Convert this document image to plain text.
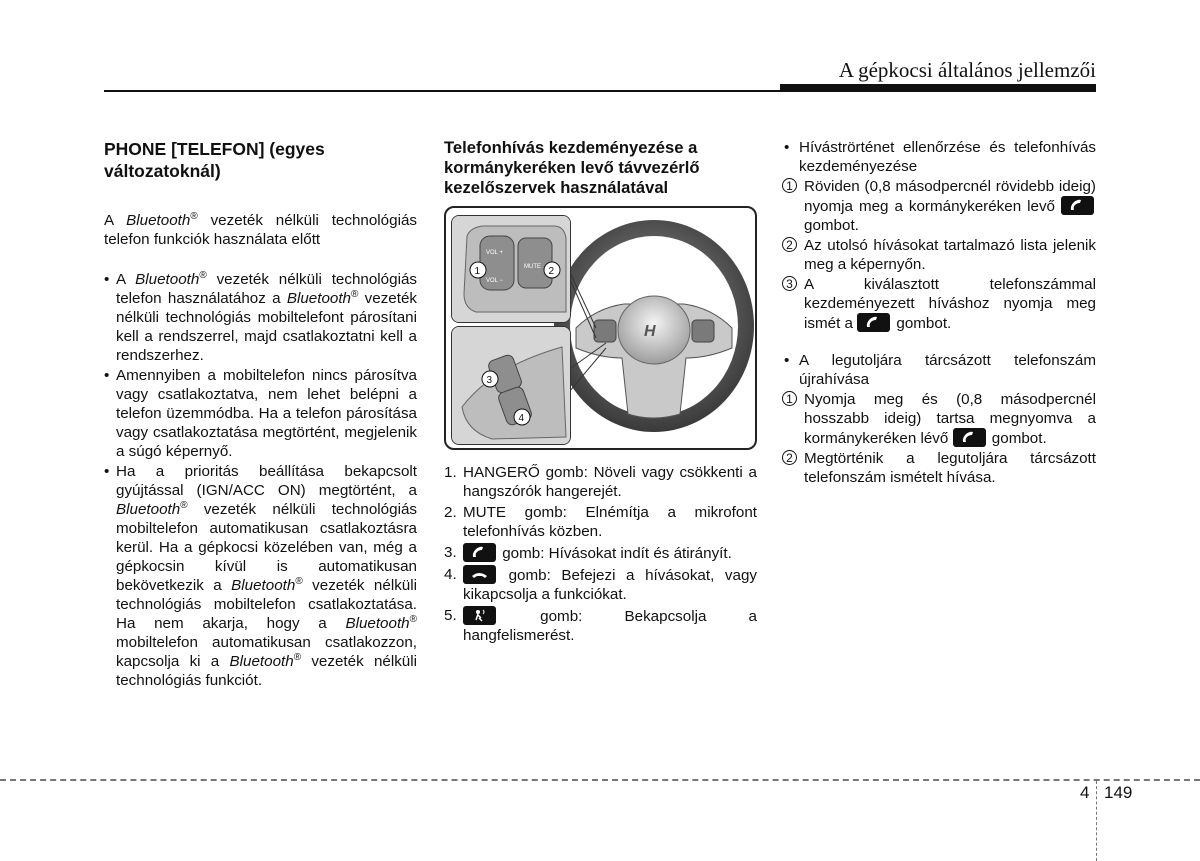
A gépkocsi általános jellemzői
PHONE [TELEFON] (egyes változatoknál)

A Bluetooth® vezeték nélküli technológiás telefon funkciók használata előtt

• A Bluetooth® vezeték nélküli technológiás telefon használatához a Bluetooth® vezeték nélküli technológiás mobiltelefont párosítani kell a rendszerrel, majd csatlakoztatni kell a rendszerhez.
• Amennyiben a mobiltelefon nincs párosítva vagy csatlakoztatva, nem lehet belépni a telefon üzemmódba. Ha a telefon párosítása vagy csatlakoztatása megtörtént, megjelenik a súgó képernyő.
• Ha a prioritás beállítása bekapcsolt gyújtással (IGN/ACC ON) megtörtént, a Bluetooth® vezeték nélküli technológiás mobiltelefon automatikusan csatlakoztásra kerül. Ha a gépkocsi közelében van, még a gépkocsin kívül is automatikusan bekövetkezik a Bluetooth® vezeték nélküli technológiás mobiltelefon csatlakoztatása. Ha nem akarja, hogy a Bluetooth® mobiltelefon automatikusan csatlakozzon, kapcsolja ki a Bluetooth® vezeték nélküli technológiás funkciót.
Telefonhívás kezdeményezése a kormánykeréken levő távvezérlő kezelőszervek használatával
H
VOL +
VOL −
MUTE
1	2
3
4
1. HANGERŐ gomb: Növeli vagy csökkenti a hangszórók hangerejét.
2. MUTE gomb: Elnémítja a mikrofont telefonhívás közben.
3.	gomb: Hívásokat indít és átirányít.
4.	gomb: Befejezi a hívásokat, vagy kikapcsolja a funkciókat.
5.	gomb: Bekapcsolja a hangfelismerést.

• Híváströrténet ellenőrzése és telefonhívás kezdeményezése

1 Röviden (0,8 másodpercnél rövidebb ideig) nyomja meg a kormánykeréken levő
gombot.
2 Az utolsó hívásokat tartalmazó lista jelenik meg a képernyőn.
3 A kiválasztott telefonszámmal kezdeményezett híváshoz nyomja meg ismét a
gombot.

• A legutoljára tárcsázott telefonszám újrahívása

1 Nyomja meg és (0,8 másodpercnél hosszabb ideig) tartsa megnyomva a kormánykeréken lévő
gombot.
2 Megtörténik a legutoljára tárcsázott telefonszám ismételt hívása.
4 149
